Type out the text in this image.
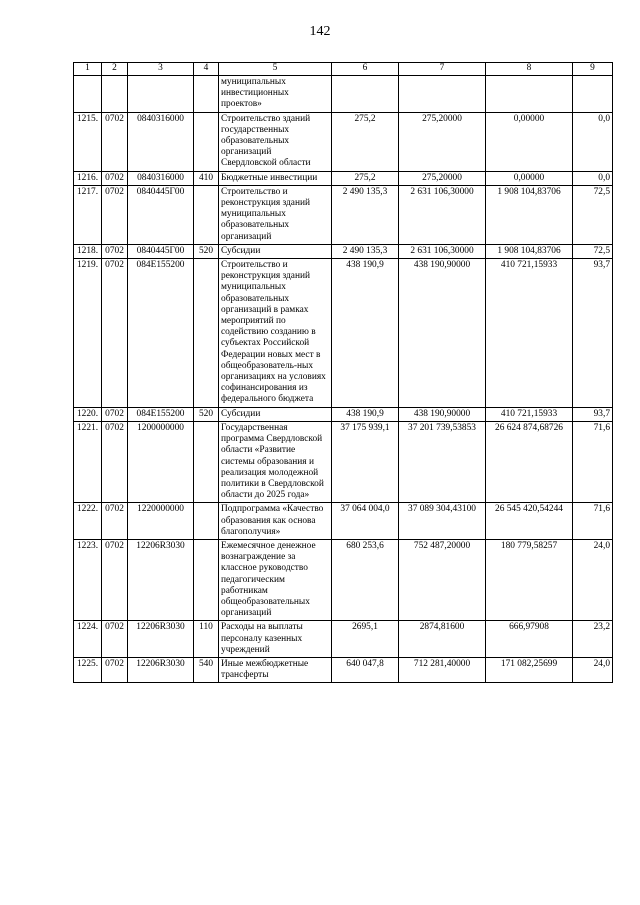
142
1	2	3	4	5	6	7	8	9
				муниципальных инвестиционных проектов»				
1215.	0702	0840316000		Строительство зданий государственных образовательных организаций Свердловской области	275,2	275,20000	0,00000	0,0
1216.	0702	0840316000	410	Бюджетные инвестиции	275,2	275,20000	0,00000	0,0
1217.	0702	0840445Г00		Строительство и реконструкция зданий муниципальных образовательных организаций	2 490 135,3	2 631 106,30000	1 908 104,83706	72,5
1218.	0702	0840445Г00	520	Субсидии	2 490 135,3	2 631 106,30000	1 908 104,83706	72,5
1219.	0702	084E155200		Строительство и реконструкция зданий муниципальных образовательных организаций в рамках мероприятий по содействию созданию в субъектах Российской Федерации новых мест в общеобразователь-ных организациях на условиях софинансирования из федерального бюджета	438 190,9	438 190,90000	410 721,15933	93,7
1220.	0702	084E155200	520	Субсидии	438 190,9	438 190,90000	410 721,15933	93,7
1221.	0702	1200000000		Государственная программа Свердловской области «Развитие системы образования и реализация молодежной политики в Свердловской области до 2025 года»	37 175 939,1	37 201 739,53853	26 624 874,68726	71,6
1222.	0702	1220000000		Подпрограмма «Качество образования как основа благополучия»	37 064 004,0	37 089 304,43100	26 545 420,54244	71,6
1223.	0702	12206R3030		Ежемесячное денежное вознаграждение за классное руководство педагогическим работникам общеобразовательных организаций	680 253,6	752 487,20000	180 779,58257	24,0
1224.	0702	12206R3030	110	Расходы на выплаты персоналу казенных учреждений	2695,1	2874,81600	666,97908	23,2
1225.	0702	12206R3030	540	Иные межбюджетные трансферты	640 047,8	712 281,40000	171 082,25699	24,0
